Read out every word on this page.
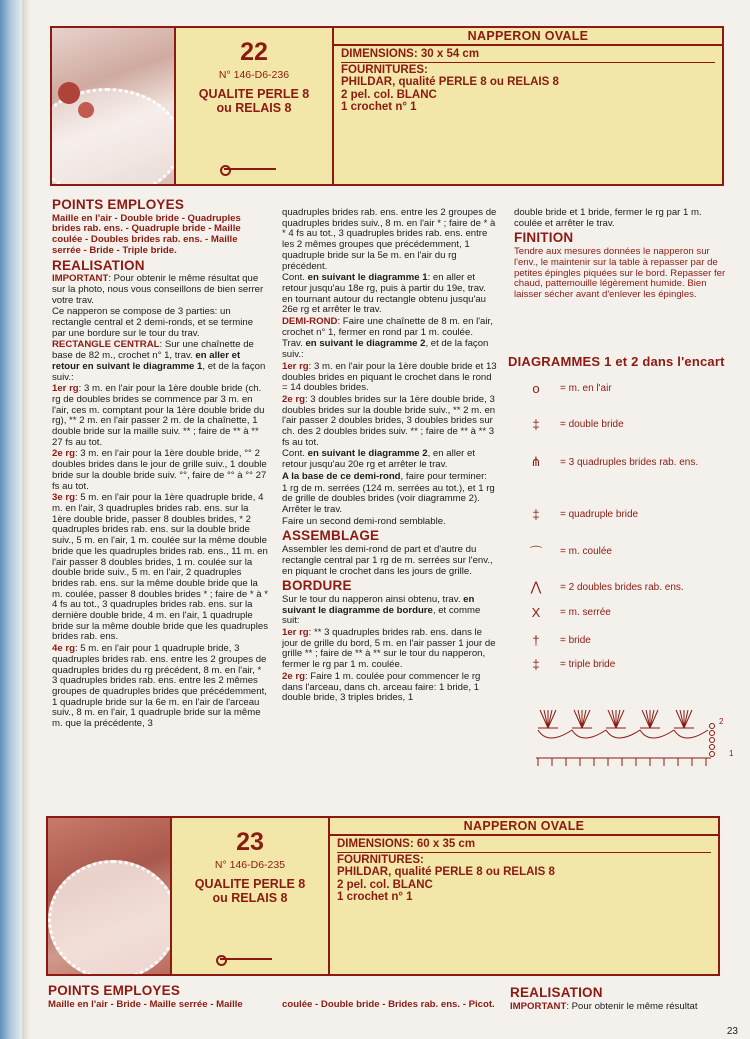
22
N° 146-D6-236
QUALITE PERLE 8
ou RELAIS 8
NAPPERON OVALE
DIMENSIONS: 30 x 54 cm
FOURNITURES:
PHILDAR, qualité PERLE 8 ou RELAIS 8
2 pel. col. BLANC
1 crochet n° 1
POINTS EMPLOYES

Maille en l'air - Double bride - Quadruples brides rab. ens. - Quadruple bride - Maille coulée - Doubles brides rab. ens. - Maille serrée - Bride - Triple bride.

REALISATION

IMPORTANT: Pour obtenir le même résultat que sur la photo, nous vous conseillons de bien serrer votre trav.

Ce napperon se compose de 3 parties: un rectangle central et 2 demi-ronds, et se termine par une bordure sur le tour du trav.

RECTANGLE CENTRAL: Sur une chaînette de base de 82 m., crochet n° 1, trav. en aller et retour en suivant le diagramme 1, et de la façon suiv.:

1er rg: 3 m. en l'air pour la 1ère double bride (ch. rg de doubles brides se commence par 3 m. en l'air, ces m. comptant pour la 1ère double bride du rg), ** 2 m. en l'air passer 2 m. de la chaînette, 1 double bride sur la maille suiv. ** ; faire de ** à ** 27 fs au tot.

2e rg: 3 m. en l'air pour la 1ère double bride, °° 2 doubles brides dans le jour de grille suiv., 1 double bride sur la double bride suiv. °°, faire de °° à °° 27 fs au tot.

3e rg: 5 m. en l'air pour la 1ère quadruple bride, 4 m. en l'air, 3 quadruples brides rab. ens. sur la 1ère double bride, passer 8 doubles brides, * 2 quadruples brides rab. ens. sur la double bride suiv., 5 m. en l'air, 1 m. coulée sur la même double bride que les quadruples brides rab. ens., 11 m. en l'air passer 8 doubles brides, 1 m. coulée sur la double bride suiv., 5 m. en l'air, 2 quadruples brides rab. ens. sur la même double bride que la m. coulée, passer 8 doubles brides * ; faire de * à * 4 fs au tot., 3 quadruples brides rab. ens. sur la dernière double bride, 4 m. en l'air, 1 quadruple bride sur la même double bride que les quadruples brides rab. ens.

4e rg: 5 m. en l'air pour 1 quadruple bride, 3 quadruples brides rab. ens. entre les 2 groupes de quadruples brides du rg précédent, 8 m. en l'air, * 3 quadruples brides rab. ens. entre les 2 mêmes groupes de quadruples brides que précédemment, 1 quadruple bride sur la 6e m. en l'air de l'arceau suiv., 8 m. en l'air, 1 quadruple bride sur la même m. que la précédente, 3

quadruples brides rab. ens. entre les 2 groupes de quadruples brides suiv., 8 m. en l'air * ; faire de * à * 4 fs au tot., 3 quadruples brides rab. ens. entre les 2 mêmes groupes que précédemment, 1 quadruple bride sur la 5e m. en l'air du rg précédent.

Cont. en suivant le diagramme 1: en aller et retour jusqu'au 18e rg, puis à partir du 19e, trav. en tournant autour du rectangle obtenu jusqu'au 26e rg et arrêter le trav.

DEMI-ROND: Faire une chaînette de 8 m. en l'air, crochet n° 1, fermer en rond par 1 m. coulée.

Trav. en suivant le diagramme 2, et de la façon suiv.:

1er rg: 3 m. en l'air pour la 1ère double bride et 13 doubles brides en piquant le crochet dans le rond = 14 doubles brides.

2e rg: 3 doubles brides sur la 1ère double bride, 3 doubles brides sur la double bride suiv., ** 2 m. en l'air passer 2 doubles brides, 3 doubles brides sur ch. des 2 doubles brides suiv. ** ; faire de ** à ** 3 fs au tot.

Cont. en suivant le diagramme 2, en aller et retour jusqu'au 20e rg et arrêter le trav.

A la base de ce demi-rond, faire pour terminer:

1 rg de m. serrées (124 m. serrées au tot.), et 1 rg de grille de doubles brides (voir diagramme 2). Arrêter le trav.

Faire un second demi-rond semblable.

ASSEMBLAGE

Assembler les demi-rond de part et d'autre du rectangle central par 1 rg de m. serrées sur l'env., en piquant le crochet dans les jours de grille.

BORDURE

Sur le tour du napperon ainsi obtenu, trav. en suivant le diagramme de bordure, et comme suit:

1er rg: ** 3 quadruples brides rab. ens. dans le jour de grille du bord, 5 m. en l'air passer 1 jour de grille ** ; faire de ** à ** sur le tour du napperon, fermer le rg par 1 m. coulée.

2e rg: Faire 1 m. coulée pour commencer le rg dans l'arceau, dans ch. arceau faire: 1 bride, 1 double bride, 3 triples brides, 1

double bride et 1 bride, fermer le rg par 1 m. coulée et arrêter le trav.

FINITION

Tendre aux mesures données le napperon sur l'env., le maintenir sur la table à repasser par de petites épingles piquées sur le bord. Repasser fer chaud, pattemouille légèrement humide. Bien laisser sécher avant d'enlever les épingles.

DIAGRAMMES 1 et 2 dans l'encart
o	= m. en l'air
‡	= double bride
⋔	= 3 quadruples brides rab. ens.
‡	= quadruple bride
⌒	= m. coulée
⋀	= 2 doubles brides rab. ens.
X	= m. serrée
†	= bride
‡	= triple bride
2
1
23
N° 146-D6-235
QUALITE PERLE 8
ou RELAIS 8
NAPPERON OVALE
DIMENSIONS: 60 x 35 cm
FOURNITURES:
PHILDAR, qualité PERLE 8 ou RELAIS 8
2 pel. col. BLANC
1 crochet n° 1
POINTS EMPLOYES

Maille en l'air - Bride - Maille serrée - Maille	coulée - Double bride - Brides rab. ens. - Picot.

REALISATION

IMPORTANT: Pour obtenir le même résultat

23
